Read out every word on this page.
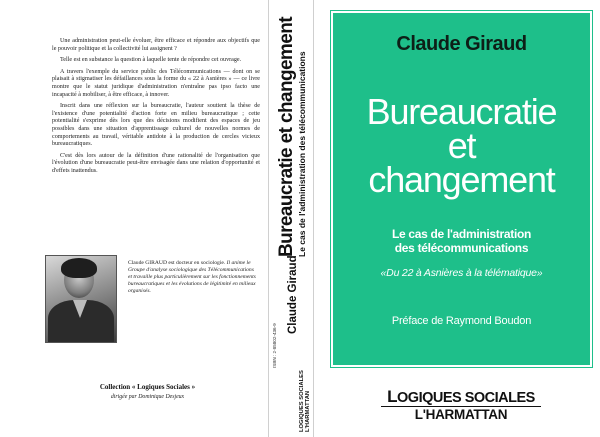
Une administration peut-elle évoluer, être efficace et répondre aux objectifs que le pouvoir politique et la collectivité lui assignent ?

Telle est en substance la question à laquelle tente de répondre cet ouvrage.

A travers l'exemple du service public des Télécommunications — dont on se plaisait à stigmatiser les défaillances sous la forme du « 22 à Asnières » — ce livre montre que le statut juridique d'administration n'entraîne pas ipso facto une incapacité à mobiliser, à être efficace, à innover.

Inscrit dans une réflexion sur la bureaucratie, l'auteur soutient la thèse de l'existence d'une potentialité d'action forte en milieu bureaucratique ; cette potentialité s'exprime dès lors que des décisions modifient des espaces de jeu possibles dans une situation d'apprentissage culturel de nouvelles normes de comportements au travail, véritable antidote à la production de cercles vicieux bureaucratiques.

C'est dès lors autour de la définition d'une rationalité de l'organisation que l'évolution d'une bureaucratie peut-être envisagée dans une relation d'opportunité et d'effets inattendus.

Claude GIRAUD est docteur en sociologie. Il anime le Groupe d'analyse sociologique des Télécommunications et travaille plus particulièrement sur les fonctionnements bureaucratiques et les évolutions de légitimité en milieux organisés.
Collection « Logiques Sociales »
dirigée par Dominique Desjeux
Bureaucratie et changement Le cas de l'administration des télécommunications
Claude Giraud
ISBN : 2-85802-436-9
LOGIQUES SOCIALES L'HARMATTAN
Claude Giraud
Bureaucratie
et
changement
Le cas de l'administration
des télécommunications
«Du 22 à Asnières à la télématique»
Préface de Raymond Boudon
LOGIQUES SOCIALES
L'HARMATTAN
